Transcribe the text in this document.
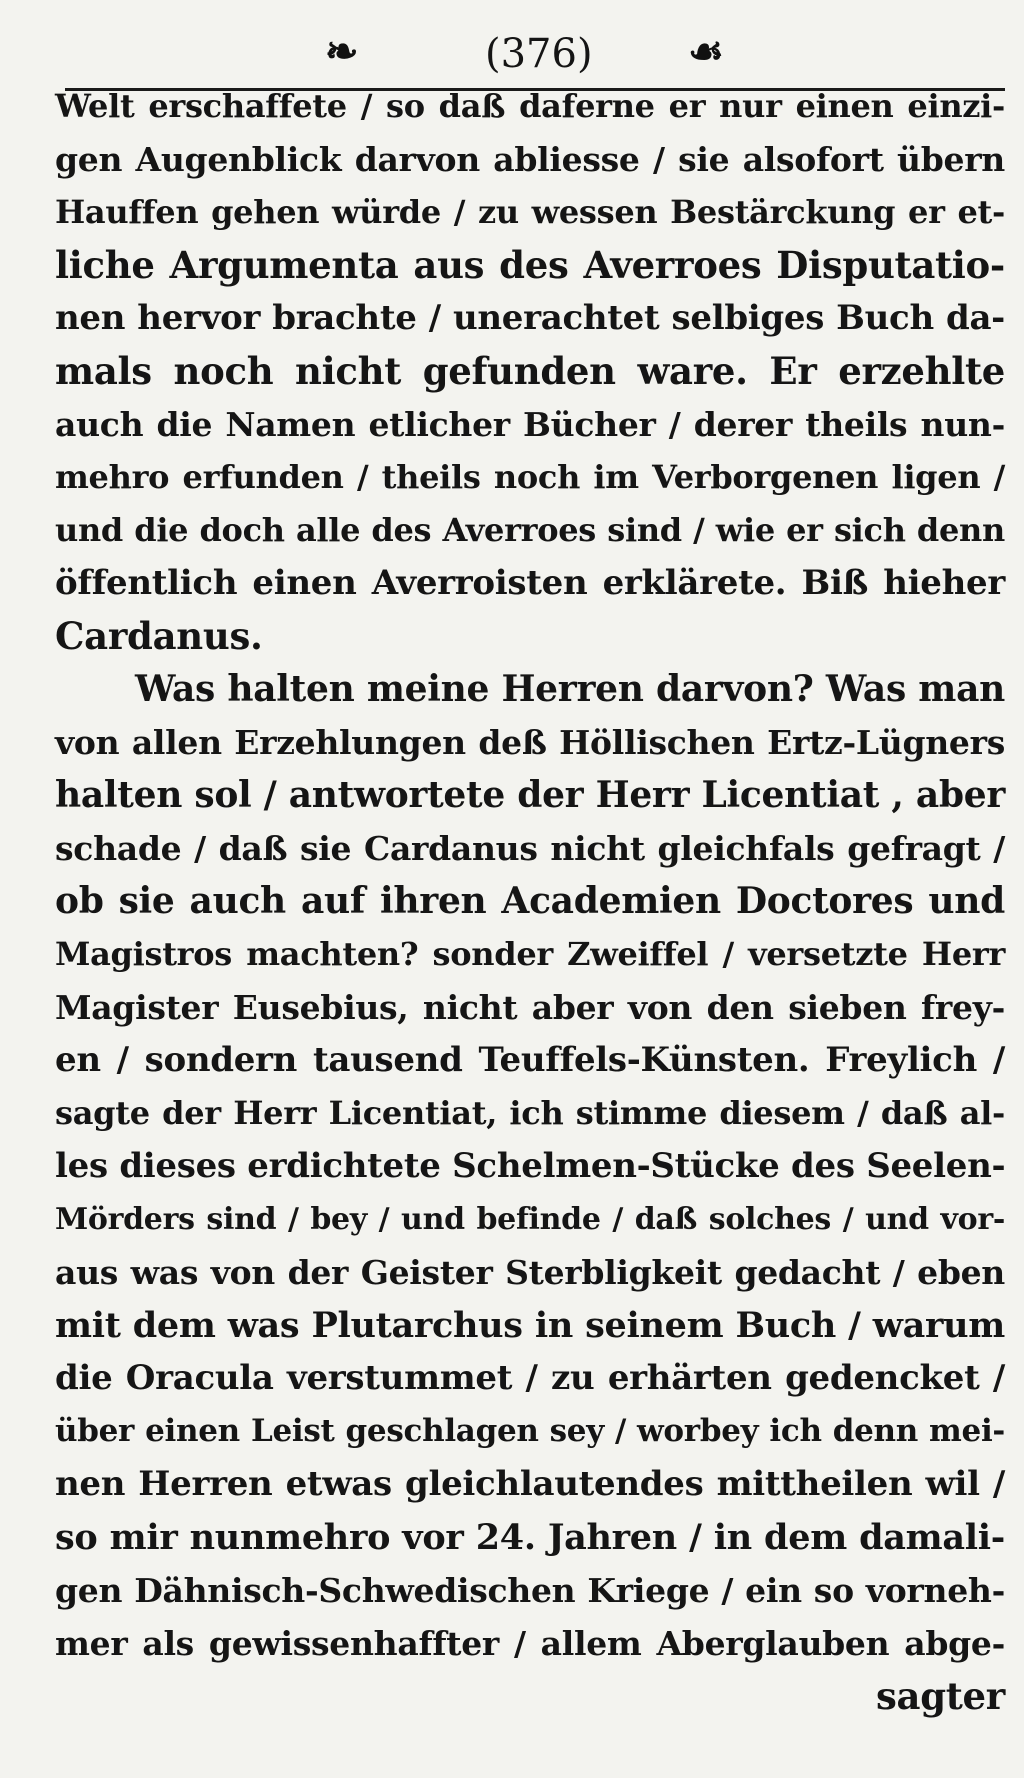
❧	(376) ☙
Welt erschaffete / so daß daferne er nur einen einzi-
gen Augenblick darvon abliesse / sie alsofort übern
Hauffen gehen würde / zu wessen Bestärckung er et-
liche Argumenta aus des Averroes Disputatio-
nen hervor brachte / unerachtet selbiges Buch da-
mals noch nicht gefunden ware. Er erzehlte
auch die Namen etlicher Bücher / derer theils nun-
mehro erfunden / theils noch im Verborgenen ligen /
und die doch alle des Averroes sind / wie er sich denn
öffentlich einen Averroisten erklärete. Biß hieher
Cardanus.
Was halten meine Herren darvon? Was man
von allen Erzehlungen deß Höllischen Ertz-Lügners
halten sol / antwortete der Herr Licentiat , aber
schade / daß sie Cardanus nicht gleichfals gefragt /
ob sie auch auf ihren Academien Doctores und
Magistros machten? sonder Zweiffel / versetzte Herr
Magister Eusebius, nicht aber von den sieben frey-
en / sondern tausend Teuffels-Künsten. Freylich /
sagte der Herr Licentiat, ich stimme diesem / daß al-
les dieses erdichtete Schelmen-Stücke des Seelen-
Mörders sind / bey / und befinde / daß solches / und vor-
aus was von der Geister Sterbligkeit gedacht / eben
mit dem was Plutarchus in seinem Buch / warum
die Oracula verstummet / zu erhärten gedencket /
über einen Leist geschlagen sey / worbey ich denn mei-
nen Herren etwas gleichlautendes mittheilen wil /
so mir nunmehro vor 24. Jahren / in dem damali-
gen Dähnisch-Schwedischen Kriege / ein so vorneh-
mer als gewissenhaffter / allem Aberglauben abge-
sagter
